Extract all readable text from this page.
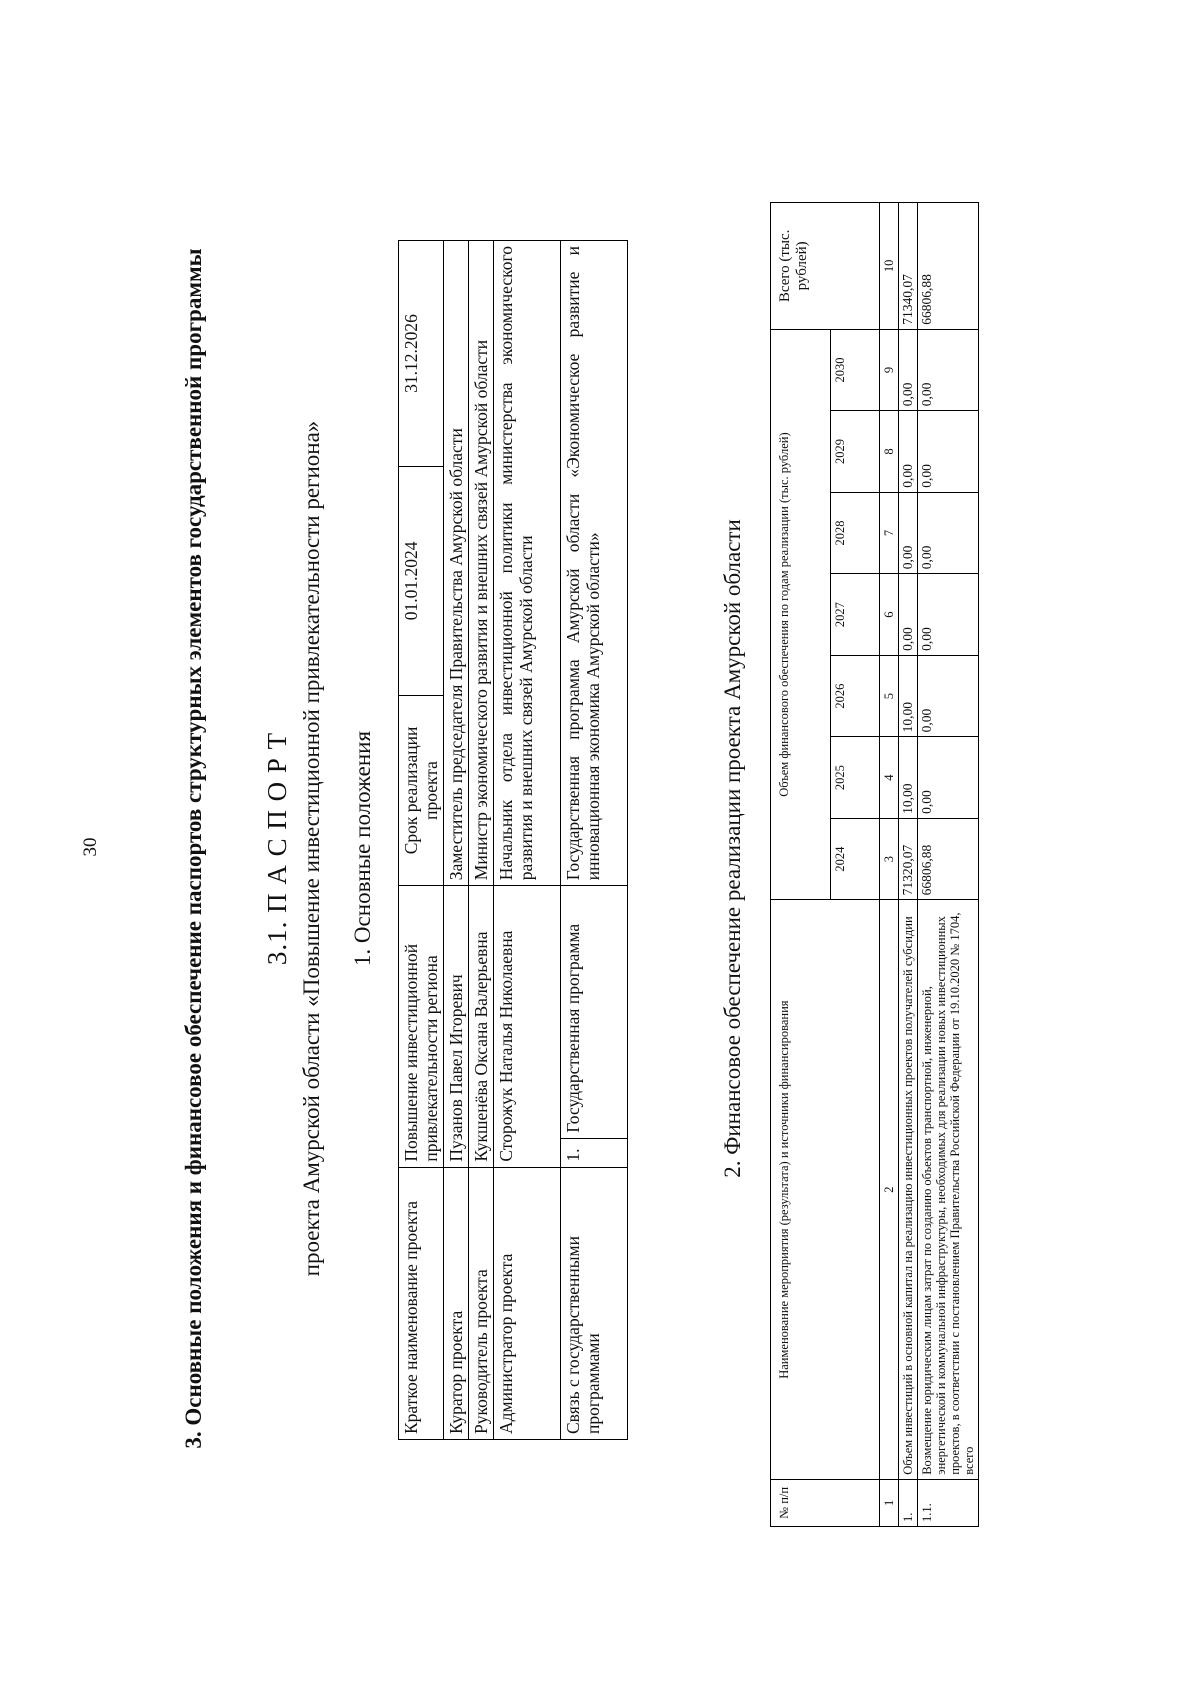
30	3. Основные положения и финансовое обеспечение паспортов структурных элементов государственной программы 3.1. П А С П О Р Т проекта Амурской области «Повышение инвестиционной привлекательности региона» 1. Основные положения
Краткое наименование проекта	Повышение инвестиционной привлекательности региона		Срок реализации проекта	01.01.2024	31.12.2026
Куратор проекта	Пузанов Павел Игоревич		Заместитель председателя Правительства Амурской области		
Руководитель проекта	Кукшенёва Оксана Валерьевна		Министр экономического развития и внешних связей Амурской области		
Администратор проекта	Сторожук Наталья Николаевна		Начальник отдела инвестиционной политики министерства экономического развития и внешних связей Амурской области		
Связь с государственными программами	1.	Государственная программа	Государственная программа Амурской области «Экономическое развитие и инновационная экономика Амурской области»			2. Финансовое обеспечение реализации проекта Амурской области
№ п/п	Наименование мероприятия (результата) и источники финансирования	Объем финансового обеспечения по годам реализации (тыс. рублей)							Всего (тыс. рублей)
		2024	2025	2026	2027	2028	2029	2030	
1	2	3	4	5	6	7	8	9	10
1.	Объем инвестиций в основной капитал на реализацию инвестиционных проектов получателей субсидии	71320,07	10,00	10,00	0,00	0,00	0,00	0,00	71340,07
1.1.	Возмещение юридическим лицам затрат по созданию объектов транспортной, инженерной, энергетической и коммунальной инфраструктуры, необходимых для реализации новых инвестиционных проектов, в соответствии с постановлением Правительства Российской Федерации от 19.10.2020 № 1704, всего	66806,88	0,00	0,00	0,00	0,00	0,00	0,00	66806,88
